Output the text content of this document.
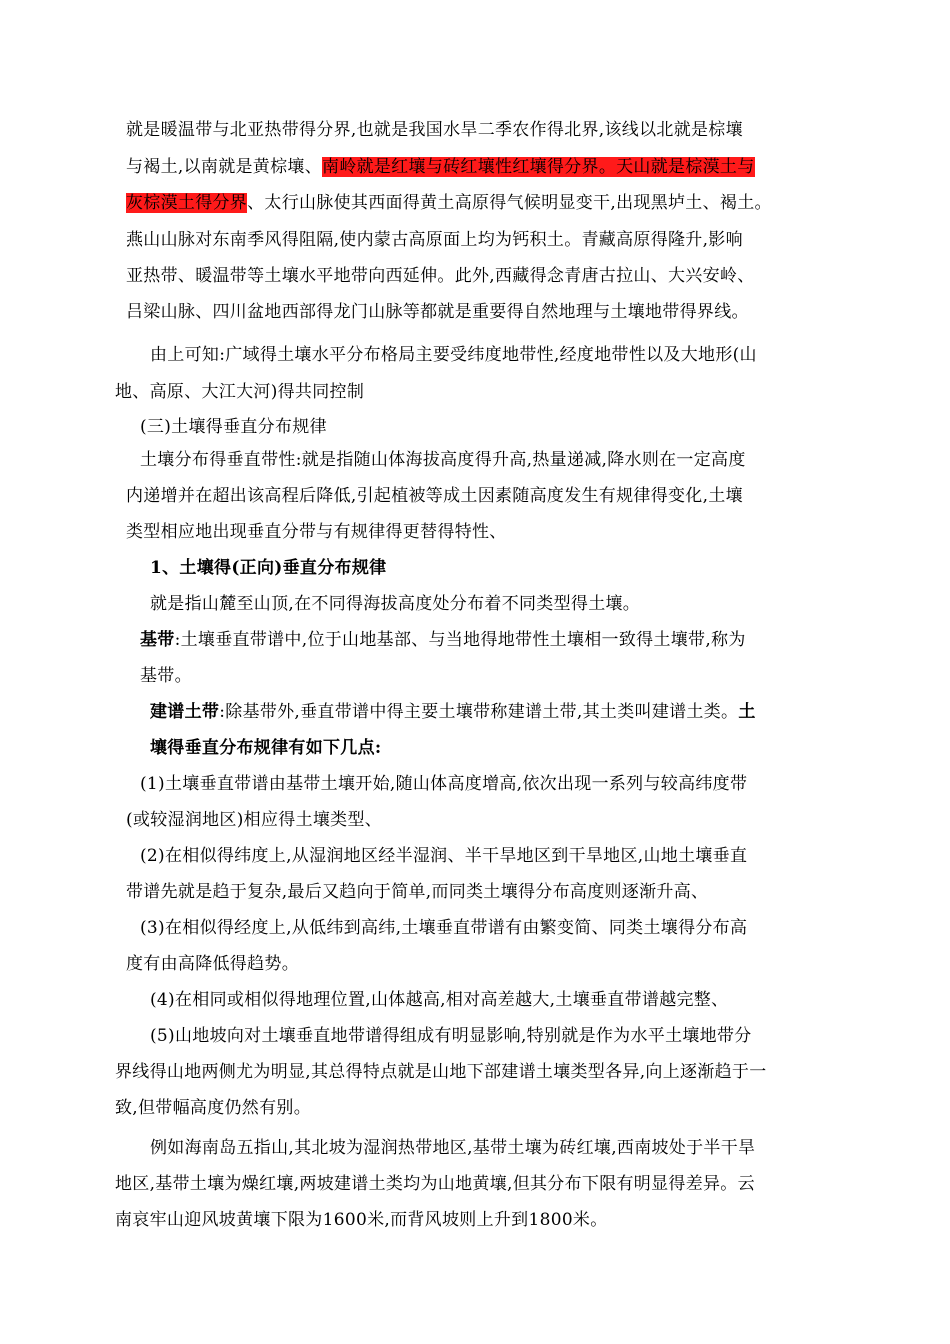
就是暖温带与北亚热带得分界,也就是我国水旱二季农作得北界,该线以北就是棕壤
与褐土,以南就是黄棕壤、南岭就是红壤与砖红壤性红壤得分界。天山就是棕漠土与
灰棕漠土得分界、太行山脉使其西面得黄土高原得气候明显变干,出现黑垆土、褐土。
燕山山脉对东南季风得阻隔,使内蒙古高原面上均为钙积土。青藏高原得隆升,影响
亚热带、暖温带等土壤水平地带向西延伸。此外,西藏得念青唐古拉山、大兴安岭、
吕梁山脉、四川盆地西部得龙门山脉等都就是重要得自然地理与土壤地带得界线。
由上可知:广域得土壤水平分布格局主要受纬度地带性,经度地带性以及大地形(山
地、高原、大江大河)得共同控制
(三)土壤得垂直分布规律
土壤分布得垂直带性:就是指随山体海拔高度得升高,热量递减,降水则在一定高度
内递增并在超出该高程后降低,引起植被等成土因素随高度发生有规律得变化,土壤
类型相应地出现垂直分带与有规律得更替得特性、
1、土壤得(正向)垂直分布规律
就是指山麓至山顶,在不同得海拔高度处分布着不同类型得土壤。
基带:土壤垂直带谱中,位于山地基部、与当地得地带性土壤相一致得土壤带,称为
基带。
建谱土带:除基带外,垂直带谱中得主要土壤带称建谱土带,其土类叫建谱土类。土
壤得垂直分布规律有如下几点:
(1)土壤垂直带谱由基带土壤开始,随山体高度增高,依次出现一系列与较高纬度带
(或较湿润地区)相应得土壤类型、
(2)在相似得纬度上,从湿润地区经半湿润、半干旱地区到干旱地区,山地土壤垂直
带谱先就是趋于复杂,最后又趋向于简单,而同类土壤得分布高度则逐渐升高、
(3)在相似得经度上,从低纬到高纬,土壤垂直带谱有由繁变简、同类土壤得分布高
度有由高降低得趋势。
(4)在相同或相似得地理位置,山体越高,相对高差越大,土壤垂直带谱越完整、
(5)山地坡向对土壤垂直地带谱得组成有明显影响,特别就是作为水平土壤地带分
界线得山地两侧尤为明显,其总得特点就是山地下部建谱土壤类型各异,向上逐渐趋于一
致,但带幅高度仍然有别。
例如海南岛五指山,其北坡为湿润热带地区,基带土壤为砖红壤,西南坡处于半干旱
地区,基带土壤为燥红壤,两坡建谱土类均为山地黄壤,但其分布下限有明显得差异。云
南哀牢山迎风坡黄壤下限为1600米,而背风坡则上升到1800米。
